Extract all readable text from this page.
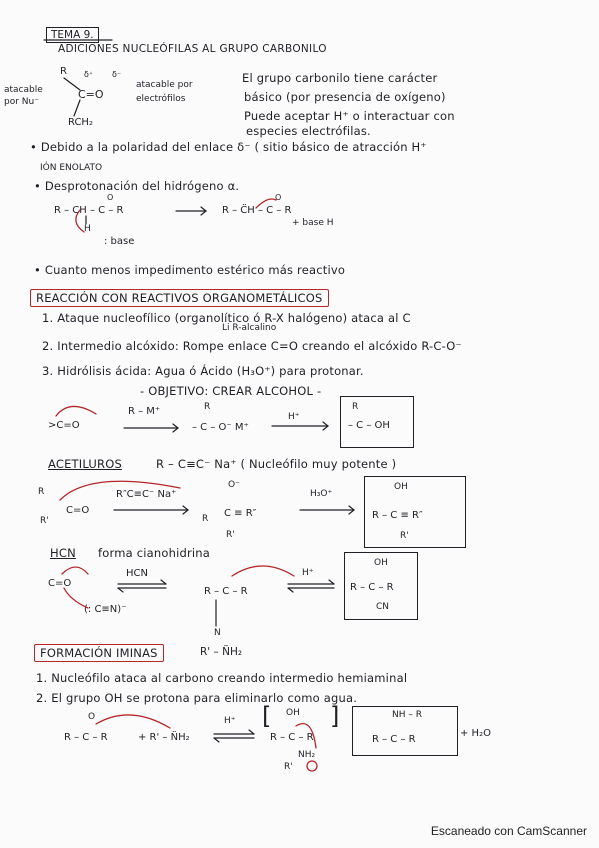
TEMA 9.
ADICIONES NUCLEÓFILAS AL GRUPO CARBONILO
R δ⁺ δ⁻
C=O
RCH₂
atacable por Nu⁻
atacable por electrófilos
El grupo carbonilo tiene carácter
básico (por presencia de oxígeno)
Puede aceptar H⁺ o interactuar con
especies electrófilas.
• Debido a la polaridad del enlace δ⁻ ( sitio básico de atracción H⁺
IÓN ENOLATO
• Desprotonación del hidrógeno α.
O
R – CH – C – R
H
: base
O
R – C̈H – C – R
+ base H
• Cuanto menos impedimento estérico más reactivo
REACCIÓN CON REACTIVOS ORGANOMETÁLICOS
1. Ataque nucleofílico (organolítico ó R-X halógeno) ataca al C
Li R-alcalino
2. Intermedio alcóxido: Rompe enlace C=O creando el alcóxido R-C-O⁻
3. Hidrólisis ácida: Agua ó Ácido (H₃O⁺) para protonar.
- OBJETIVO: CREAR ALCOHOL -
>C=O
R – M⁺	R
– C – O⁻ M⁺
H⁺
R
– C – OH
ACETILUROS	R – C≡C⁻ Na⁺ ( Nucleófilo muy potente )
R
C=O
R'
R″C≡C⁻ Na⁺
O⁻
R C ≡ R″
R'
H₃O⁺
OH
R – C ≡ R″
R'
HCN forma cianohidrina
C=O
(: C≡N)⁻
HCN
R – C – R
N
H⁺
OH
R – C – R
CN
FORMACIÓN IMINAS	R' – N̈H₂
1. Nucleófilo ataca al carbono creando intermedio hemiaminal
2. El grupo OH se protona para eliminarlo como agua.
O
R – C – R	+ R' – N̈H₂
H⁺ [ ]
OH
R – C – R
NH₂
R'
NH – R
R – C – R
+ H₂O
Escaneado con CamScanner
